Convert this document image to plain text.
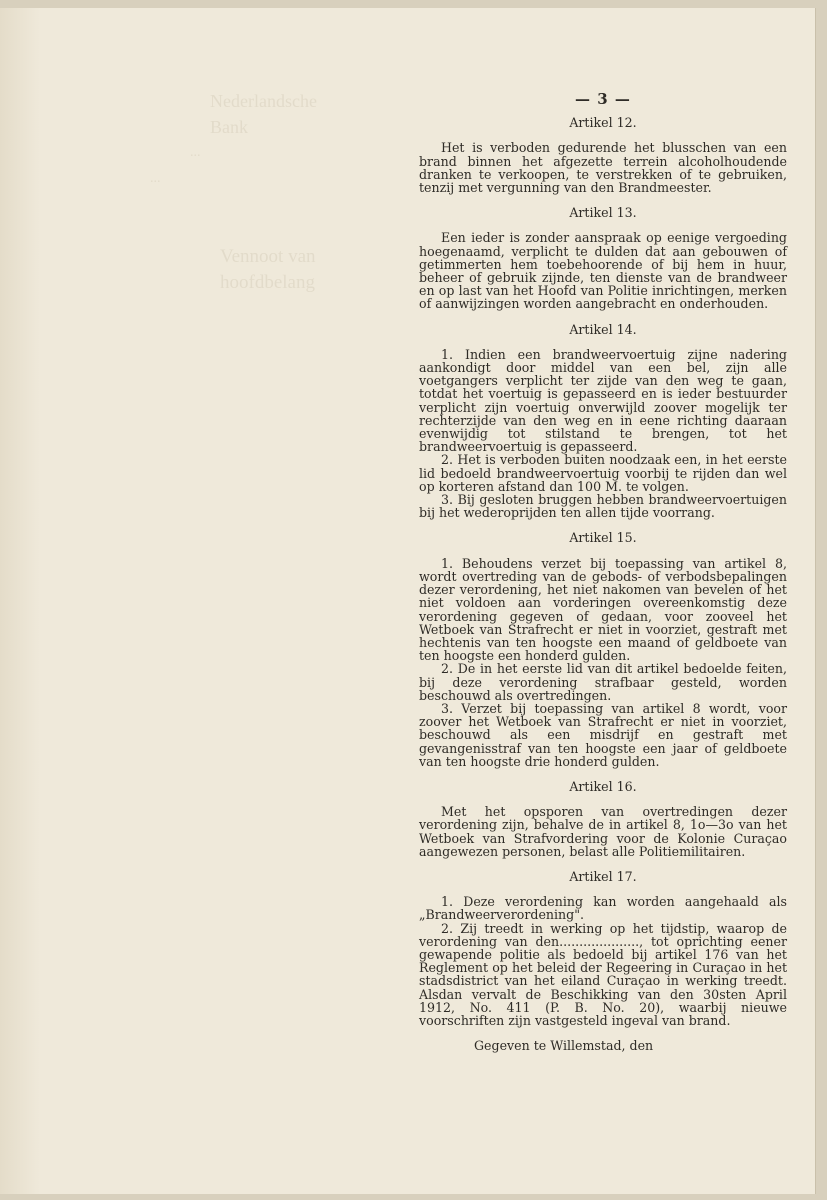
Nederlandsche Bank
...
...
Vennoot van hoofdbelang
— 3 —
Artikel 12.

Het is verboden gedurende het blusschen van een brand binnen het afgezette terrein alcoholhoudende dranken te verkoopen, te verstrekken of te gebruiken, tenzij met vergunning van den Brandmeester.

Artikel 13.

Een ieder is zonder aanspraak op eenige vergoeding hoegenaamd, verplicht te dulden dat aan gebouwen of getimmerten hem toebehoorende of bij hem in huur, beheer of gebruik zijnde, ten dienste van de brandweer en op last van het Hoofd van Politie inrichtingen, merken of aanwijzingen worden aangebracht en onderhouden.

Artikel 14.

1. Indien een brandweervoertuig zijne nadering aankondigt door middel van een bel, zijn alle voetgangers verplicht ter zijde van den weg te gaan, totdat het voertuig is gepasseerd en is ieder bestuurder verplicht zijn voertuig onverwijld zoover mogelijk ter rechterzijde van den weg en in eene richting daaraan evenwijdig tot stilstand te brengen, tot het brandweervoertuig is gepasseerd.

2. Het is verboden buiten noodzaak een, in het eerste lid bedoeld brandweervoertuig voorbij te rijden dan wel op korteren afstand dan 100 M. te volgen.

3. Bij gesloten bruggen hebben brandweervoertuigen bij het wederoprijden ten allen tijde voorrang.

Artikel 15.

1. Behoudens verzet bij toepassing van artikel 8, wordt overtreding van de gebods- of verbodsbepalingen dezer verordening, het niet nakomen van bevelen of het niet voldoen aan vorderingen overeenkomstig deze verordening gegeven of gedaan, voor zooveel het Wetboek van Strafrecht er niet in voorziet, gestraft met hechtenis van ten hoogste een maand of geldboete van ten hoogste een honderd gulden.

2. De in het eerste lid van dit artikel bedoelde feiten, bij deze verordening strafbaar gesteld, worden beschouwd als overtredingen.

3. Verzet bij toepassing van artikel 8 wordt, voor zoover het Wetboek van Strafrecht er niet in voorziet, beschouwd als een misdrijf en gestraft met gevangenisstraf van ten hoogste een jaar of geldboete van ten hoogste drie honderd gulden.

Artikel 16.

Met het opsporen van overtredingen dezer verordening zijn, behalve de in artikel 8, 1o—3o van het Wetboek van Strafvordering voor de Kolonie Curaçao aangewezen personen, belast alle Politiemilitairen.

Artikel 17.

1. Deze verordening kan worden aangehaald als „Brandweerverordening".

2. Zij treedt in werking op het tijdstip, waarop de verordening van den...................., tot oprichting eener gewapende politie als bedoeld bij artikel 176 van het Reglement op het beleid der Regeering in Curaçao in het stadsdistrict van het eiland Curaçao in werking treedt. Alsdan vervalt de Beschikking van den 30sten April 1912, No. 411 (P. B. No. 20), waarbij nieuwe voorschriften zijn vastgesteld ingeval van brand.

Gegeven te Willemstad, den
